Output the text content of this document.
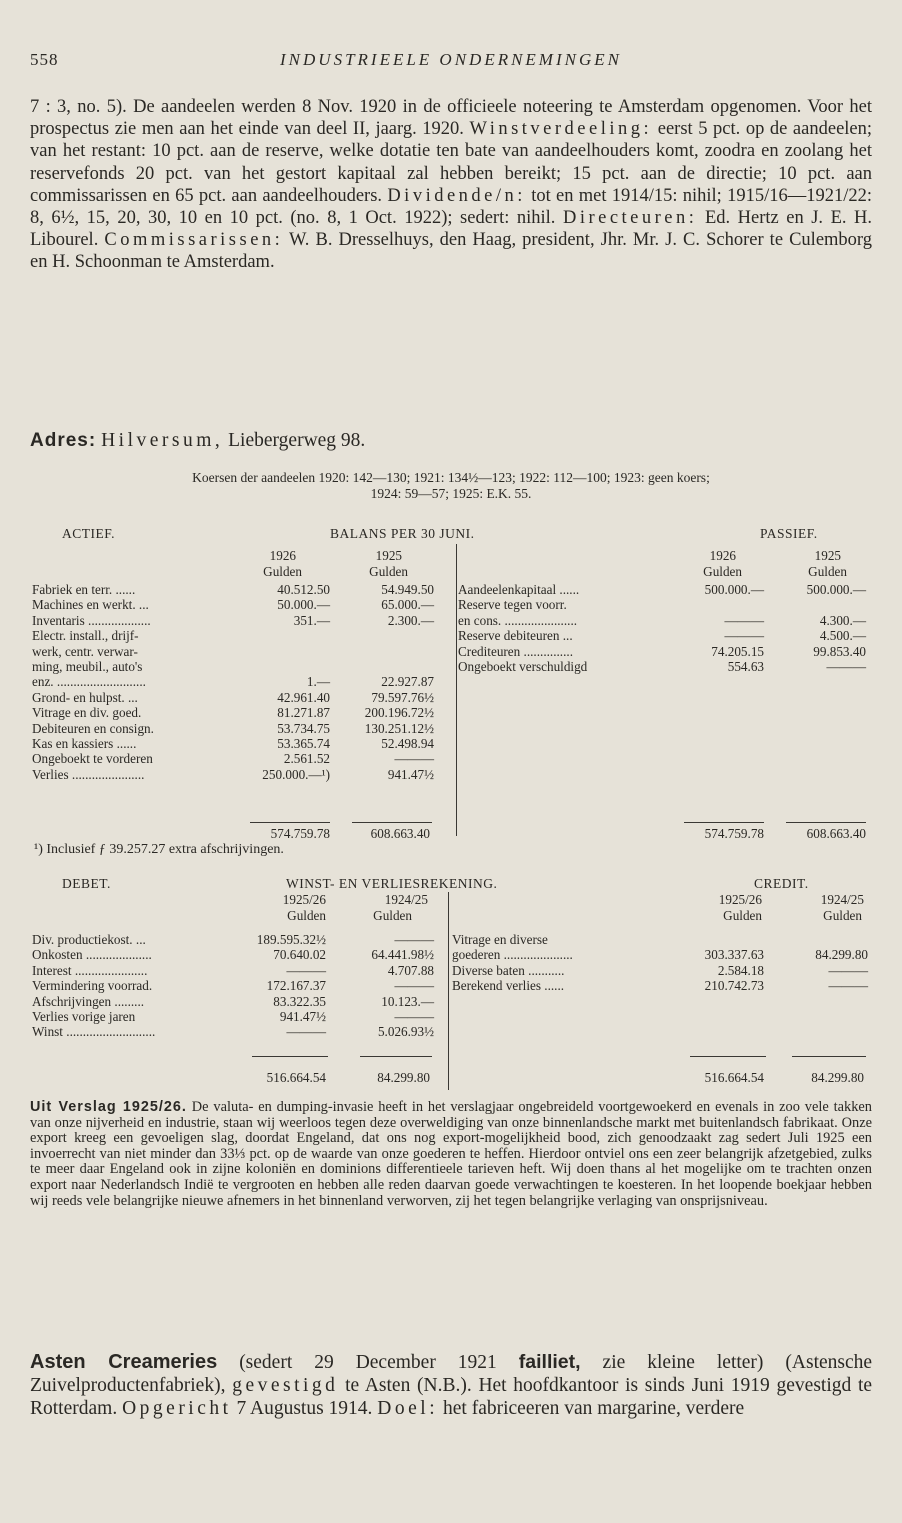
558	INDUSTRIEELE ONDERNEMINGEN
7 : 3, no. 5). De aandeelen werden 8 Nov. 1920 in de officieele noteering te Amsterdam opgenomen. Voor het prospectus zie men aan het einde van deel II, jaarg. 1920. Winstverdeeling: eerst 5 pct. op de aandeelen; van het restant: 10 pct. aan de reserve, welke dotatie ten bate van aandeelhouders komt, zoodra en zoolang het reservefonds 20 pct. van het gestort kapitaal zal hebben bereikt; 15 pct. aan de directie; 10 pct. aan commissarissen en 65 pct. aan aandeelhouders. Dividende/n: tot en met 1914/15: nihil; 1915/16—1921/22: 8, 6½, 15, 20, 30, 10 en 10 pct. (no. 8, 1 Oct. 1922); sedert: nihil. Directeuren: Ed. Hertz en J. E. H. Libourel. Commissarissen: W. B. Dresselhuys, den Haag, president, Jhr. Mr. J. C. Schorer te Culemborg en H. Schoonman te Amsterdam.
Adres: Hilversum, Liebergerweg 98.
Koersen der aandeelen 1920: 142—130; 1921: 134½—123; 1922: 112—100; 1923: geen koers;
1924: 59—57; 1925: E.K. 55.
ACTIEF.	BALANS PER 30 JUNI.	PASSIEF.
1926	1925
Gulden	Gulden
1926	1925
Gulden	Gulden
Fabriek en terr. ......	40.512.50	54.949.50
Machines en werkt. ...	50.000.—	65.000.—
Inventaris ...................	351.—	2.300.—
Electr. install., drijf-
werk, centr. verwar-
ming, meubil., auto's
enz. ...........................	1.—	22.927.87
Grond- en hulpst. ...	42.961.40	79.597.76½
Vitrage en div. goed.	81.271.87	200.196.72½
Debiteuren en consign.	53.734.75	130.251.12½
Kas en kassiers ......	53.365.74	52.498.94
Ongeboekt te vorderen	2.561.52	———
Verlies ......................	250.000.—¹)	941.47½
Aandeelenkapitaal ......	500.000.—	500.000.—
Reserve tegen voorr.
en cons. ......................	———	4.300.—
Reserve debiteuren ...	———	4.500.—
Crediteuren ...............	74.205.15	99.853.40
Ongeboekt verschuldigd	554.63	———
574.759.78	608.663.40	574.759.78	608.663.40
¹) Inclusief ƒ 39.257.27 extra afschrijvingen.
DEBET.	WINST- EN VERLIESREKENING.	CREDIT.
1925/26	1924/25
Gulden	Gulden
1925/26	1924/25
Gulden	Gulden
Div. productiekost. ...	189.595.32½	———
Onkosten ....................	70.640.02	64.441.98½
Interest ......................	———	4.707.88
Vermindering voorrad.	172.167.37	———
Afschrijvingen .........	83.322.35	10.123.—
Verlies vorige jaren	941.47½	———
Winst ...........................	———	5.026.93½
Vitrage en diverse
goederen .....................	303.337.63	84.299.80
Diverse baten ...........	2.584.18	———
Berekend verlies ......	210.742.73	———
516.664.54	84.299.80	516.664.54	84.299.80
Uit Verslag 1925/26. De valuta- en dumping-invasie heeft in het verslagjaar ongebreideld voortgewoekerd en evenals in zoo vele takken van onze nijverheid en industrie, staan wij weerloos tegen deze overweldiging van onze binnenlandsche markt met buitenlandsch fabrikaat. Onze export kreeg een gevoeligen slag, doordat Engeland, dat ons nog export-mogelijkheid bood, zich genoodzaakt zag sedert Juli 1925 een invoerrecht van niet minder dan 33⅓ pct. op de waarde van onze goederen te heffen. Hierdoor ontviel ons een zeer belangrijk afzetgebied, zulks te meer daar Engeland ook in zijne koloniën en dominions differentieele tarieven heft. Wij doen thans al het mogelijke om te trachten onzen export naar Nederlandsch Indië te vergrooten en hebben alle reden daarvan goede verwachtingen te koesteren. In het loopende boekjaar hebben wij reeds vele belangrijke nieuwe afnemers in het binnenland verworven, zij het tegen belangrijke verlaging van onsprijsniveau.
Asten Creameries (sedert 29 December 1921 failliet, zie kleine letter) (Astensche Zuivelproductenfabriek), gevestigd te Asten (N.B.). Het hoofdkantoor is sinds Juni 1919 gevestigd te Rotterdam. Opgericht 7 Augustus 1914. Doel: het fabriceeren van margarine, verdere
